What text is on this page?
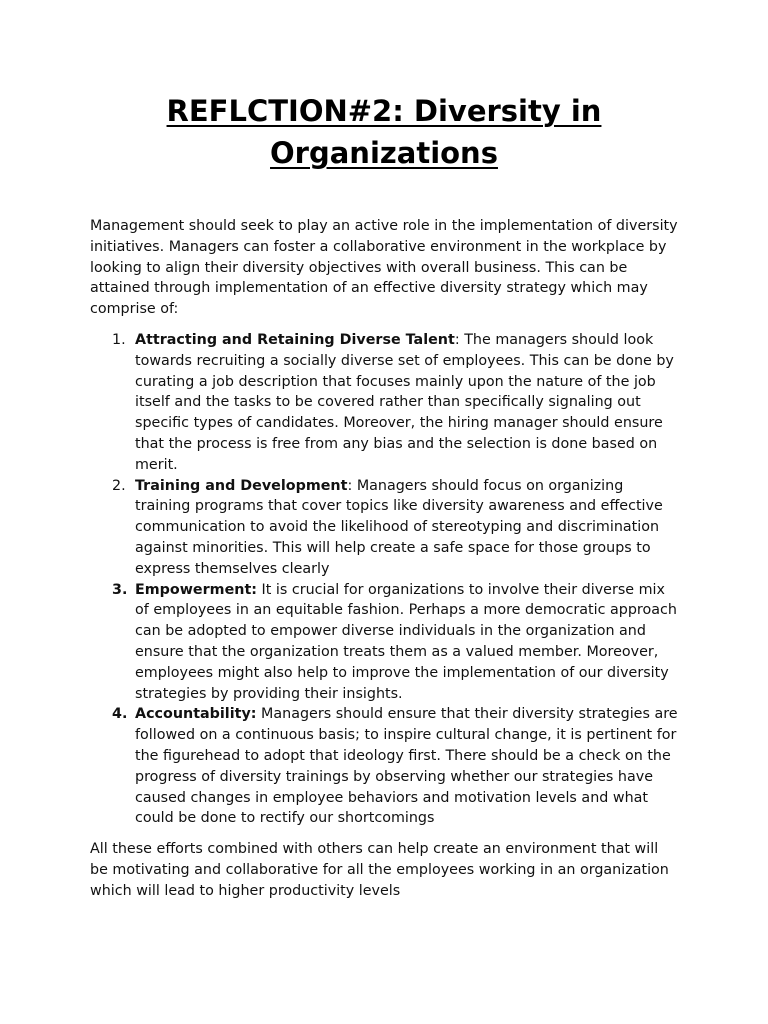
REFLCTION#2: Diversity in
Organizations

Management should seek to play an active role in the implementation of diversity initiatives. Managers can foster a collaborative environment in the workplace by looking to align their diversity objectives with overall business. This can be attained through implementation of an effective diversity strategy which may comprise of:

1. Attracting and Retaining Diverse Talent: The managers should look towards recruiting a socially diverse set of employees. This can be done by curating a job description that focuses mainly upon the nature of the job itself and the tasks to be covered rather than specifically signaling out specific types of candidates. Moreover, the hiring manager should ensure that the process is free from any bias and the selection is done based on merit.
2. Training and Development: Managers should focus on organizing training programs that cover topics like diversity awareness and effective communication to avoid the likelihood of stereotyping and discrimination against minorities. This will help create a safe space for those groups to express themselves clearly
3. Empowerment: It is crucial for organizations to involve their diverse mix of employees in an equitable fashion. Perhaps a more democratic approach can be adopted to empower diverse individuals in the organization and ensure that the organization treats them as a valued member. Moreover, employees might also help to improve the implementation of our diversity strategies by providing their insights.
4. Accountability: Managers should ensure that their diversity strategies are followed on a continuous basis; to inspire cultural change, it is pertinent for the figurehead to adopt that ideology first. There should be a check on the progress of diversity trainings by observing whether our strategies have caused changes in employee behaviors and motivation levels and what could be done to rectify our shortcomings

All these efforts combined with others can help create an environment that will be motivating and collaborative for all the employees working in an organization which will lead to higher productivity levels
